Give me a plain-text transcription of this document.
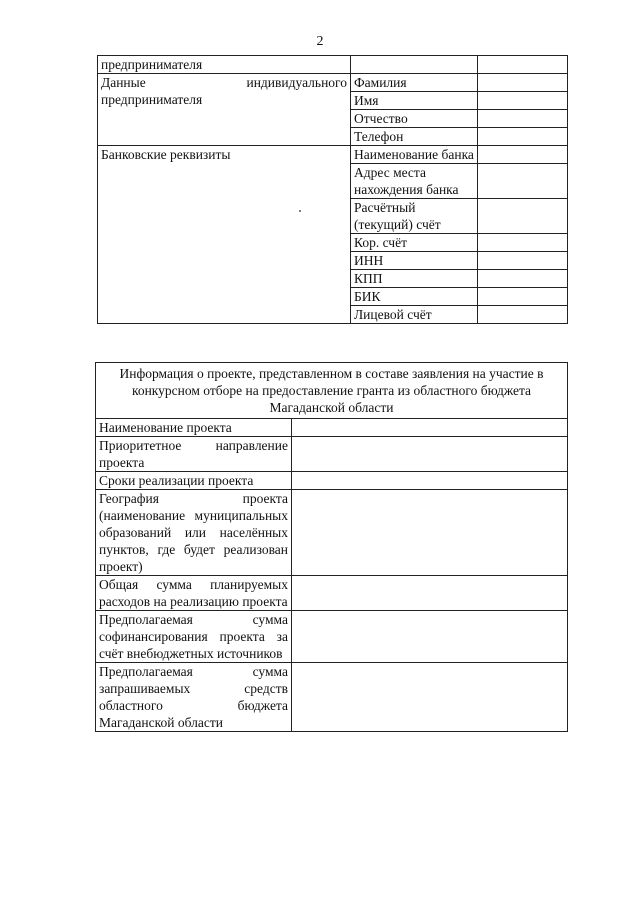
2
предпринимателя		

Данные индивидуального
предпринимателя	Фамилия	
	Имя	
	Отчество	
	Телефон	
Банковские реквизиты	Наименование банка	
	Адрес места нахождения банка	
	Расчётный (текущий) счёт	
	Кор. счёт	
	ИНН	
	КПП	
	БИК	
	Лицевой счёт	
Информация о проекте, представленном в составе заявления на участие в конкурсном отборе на предоставление гранта из областного бюджета Магаданской области	
Наименование проекта	
Приоритетное направление проекта	
Сроки реализации проекта	
География проекта (наименование муниципальных образований или населённых пунктов, где будет реализован проект)	
Общая сумма планируемых расходов на реализацию проекта	
Предполагаемая сумма софинансирования проекта за счёт внебюджетных источников	
Предполагаемая сумма запрашиваемых средств областного бюджета Магаданской области	
